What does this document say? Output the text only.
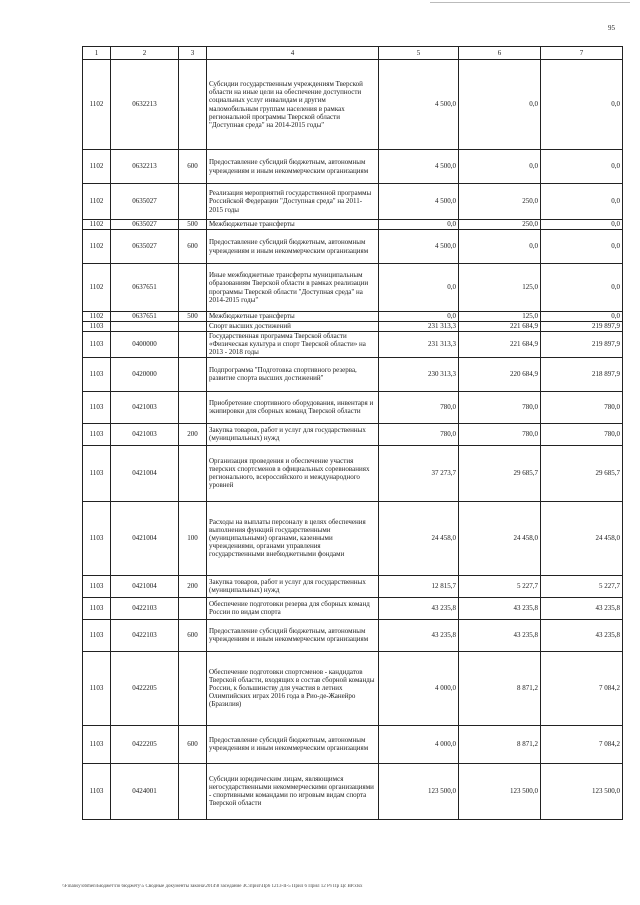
95
1	2	3	4	5	6	7
1102	0632213		Субсидии государственным учреждениям Тверской области на иные цели на обеспечение доступности социальных услуг инвалидам и другим маломобильным группам населения в рамках региональной программы Тверской области "Доступная среда" на 2014-2015 годы"	4 500,0	0,0	0,0
1102	0632213	600	Предоставление субсидий бюджетным, автономным учреждениям и иным некоммерческим организациям	4 500,0	0,0	0,0
1102	0635027		Реализация мероприятий государственной программы Российской Федерации "Доступная среда" на 2011-2015 годы	4 500,0	250,0	0,0
1102	0635027	500	Межбюджетные трансферты	0,0	250,0	0,0
1102	0635027	600	Предоставление субсидий бюджетным, автономным учреждениям и иным некоммерческим организациям	4 500,0	0,0	0,0
1102	0637651		Иные межбюджетные трансферты муниципальным образованиям Тверской области в рамках реализации программы Тверской области "Доступная среда" на 2014-2015 годы"	0,0	125,0	0,0
1102	0637651	500	Межбюджетные трансферты	0,0	125,0	0,0
1103			Спорт высших достижений	231 313,3	221 684,9	219 897,9
1103	0400000		Государственная программа Тверской области «Физическая культура и спорт Тверской области» на 2013 - 2018 годы	231 313,3	221 684,9	219 897,9
1103	0420000		Подпрограмма "Подготовка спортивного резерва, развитие спорта высших достижений"	230 313,3	220 684,9	218 897,9
1103	0421003		Приобретение спортивного оборудования, инвентаря и экипировки для сборных команд Тверской области	780,0	780,0	780,0
1103	0421003	200	Закупка товаров, работ и услуг для государственных (муниципальных) нужд	780,0	780,0	780,0
1103	0421004		Организация проведения и обеспечение участия тверских спортсменов в официальных соревнованиях регионального, всероссийского и международного уровней	37 273,7	29 685,7	29 685,7
1103	0421004	100	Расходы на выплаты персоналу в целях обеспечения выполнения функций государственными (муниципальными) органами, казенными учреждениями, органами управления государственными внебюджетными фондами	24 458,0	24 458,0	24 458,0
1103	0421004	200	Закупка товаров, работ и услуг для государственных (муниципальных) нужд	12 815,7	5 227,7	5 227,7
1103	0422103		Обеспечение подготовки резерва для сборных команд России по видам спорта	43 235,8	43 235,8	43 235,8
1103	0422103	600	Предоставление субсидий бюджетным, автономным учреждениям и иным некоммерческим организациям	43 235,8	43 235,8	43 235,8
1103	0422205		Обеспечение подготовки спортсменов - кандидатов Тверской области, входящих в состав сборной команды России, к большинству для участия в летних Олимпийских играх 2016 года в Рио-де-Жанейро (Бразилия)	4 000,0	8 871,2	7 084,2
1103	0422205	600	Предоставление субсидий бюджетным, автономным учреждениям и иным некоммерческим организациям	4 000,0	8 871,2	7 084,2
1103	0424001		Субсидии юридическим лицам, являющимся негосударственными некоммерческими организациями - спортивными командами по игровым видам спорта Тверской области	123 500,0	123 500,0	123 500,0
\\Finansy\obmen\Бюджет\по бюджету\5 Сводные документы закона\2014\8 заседание ЗС\прил\Пр6 1213-II-5 Прил 6 Прил 12 Рз Пр Цс ВР.xlsx
